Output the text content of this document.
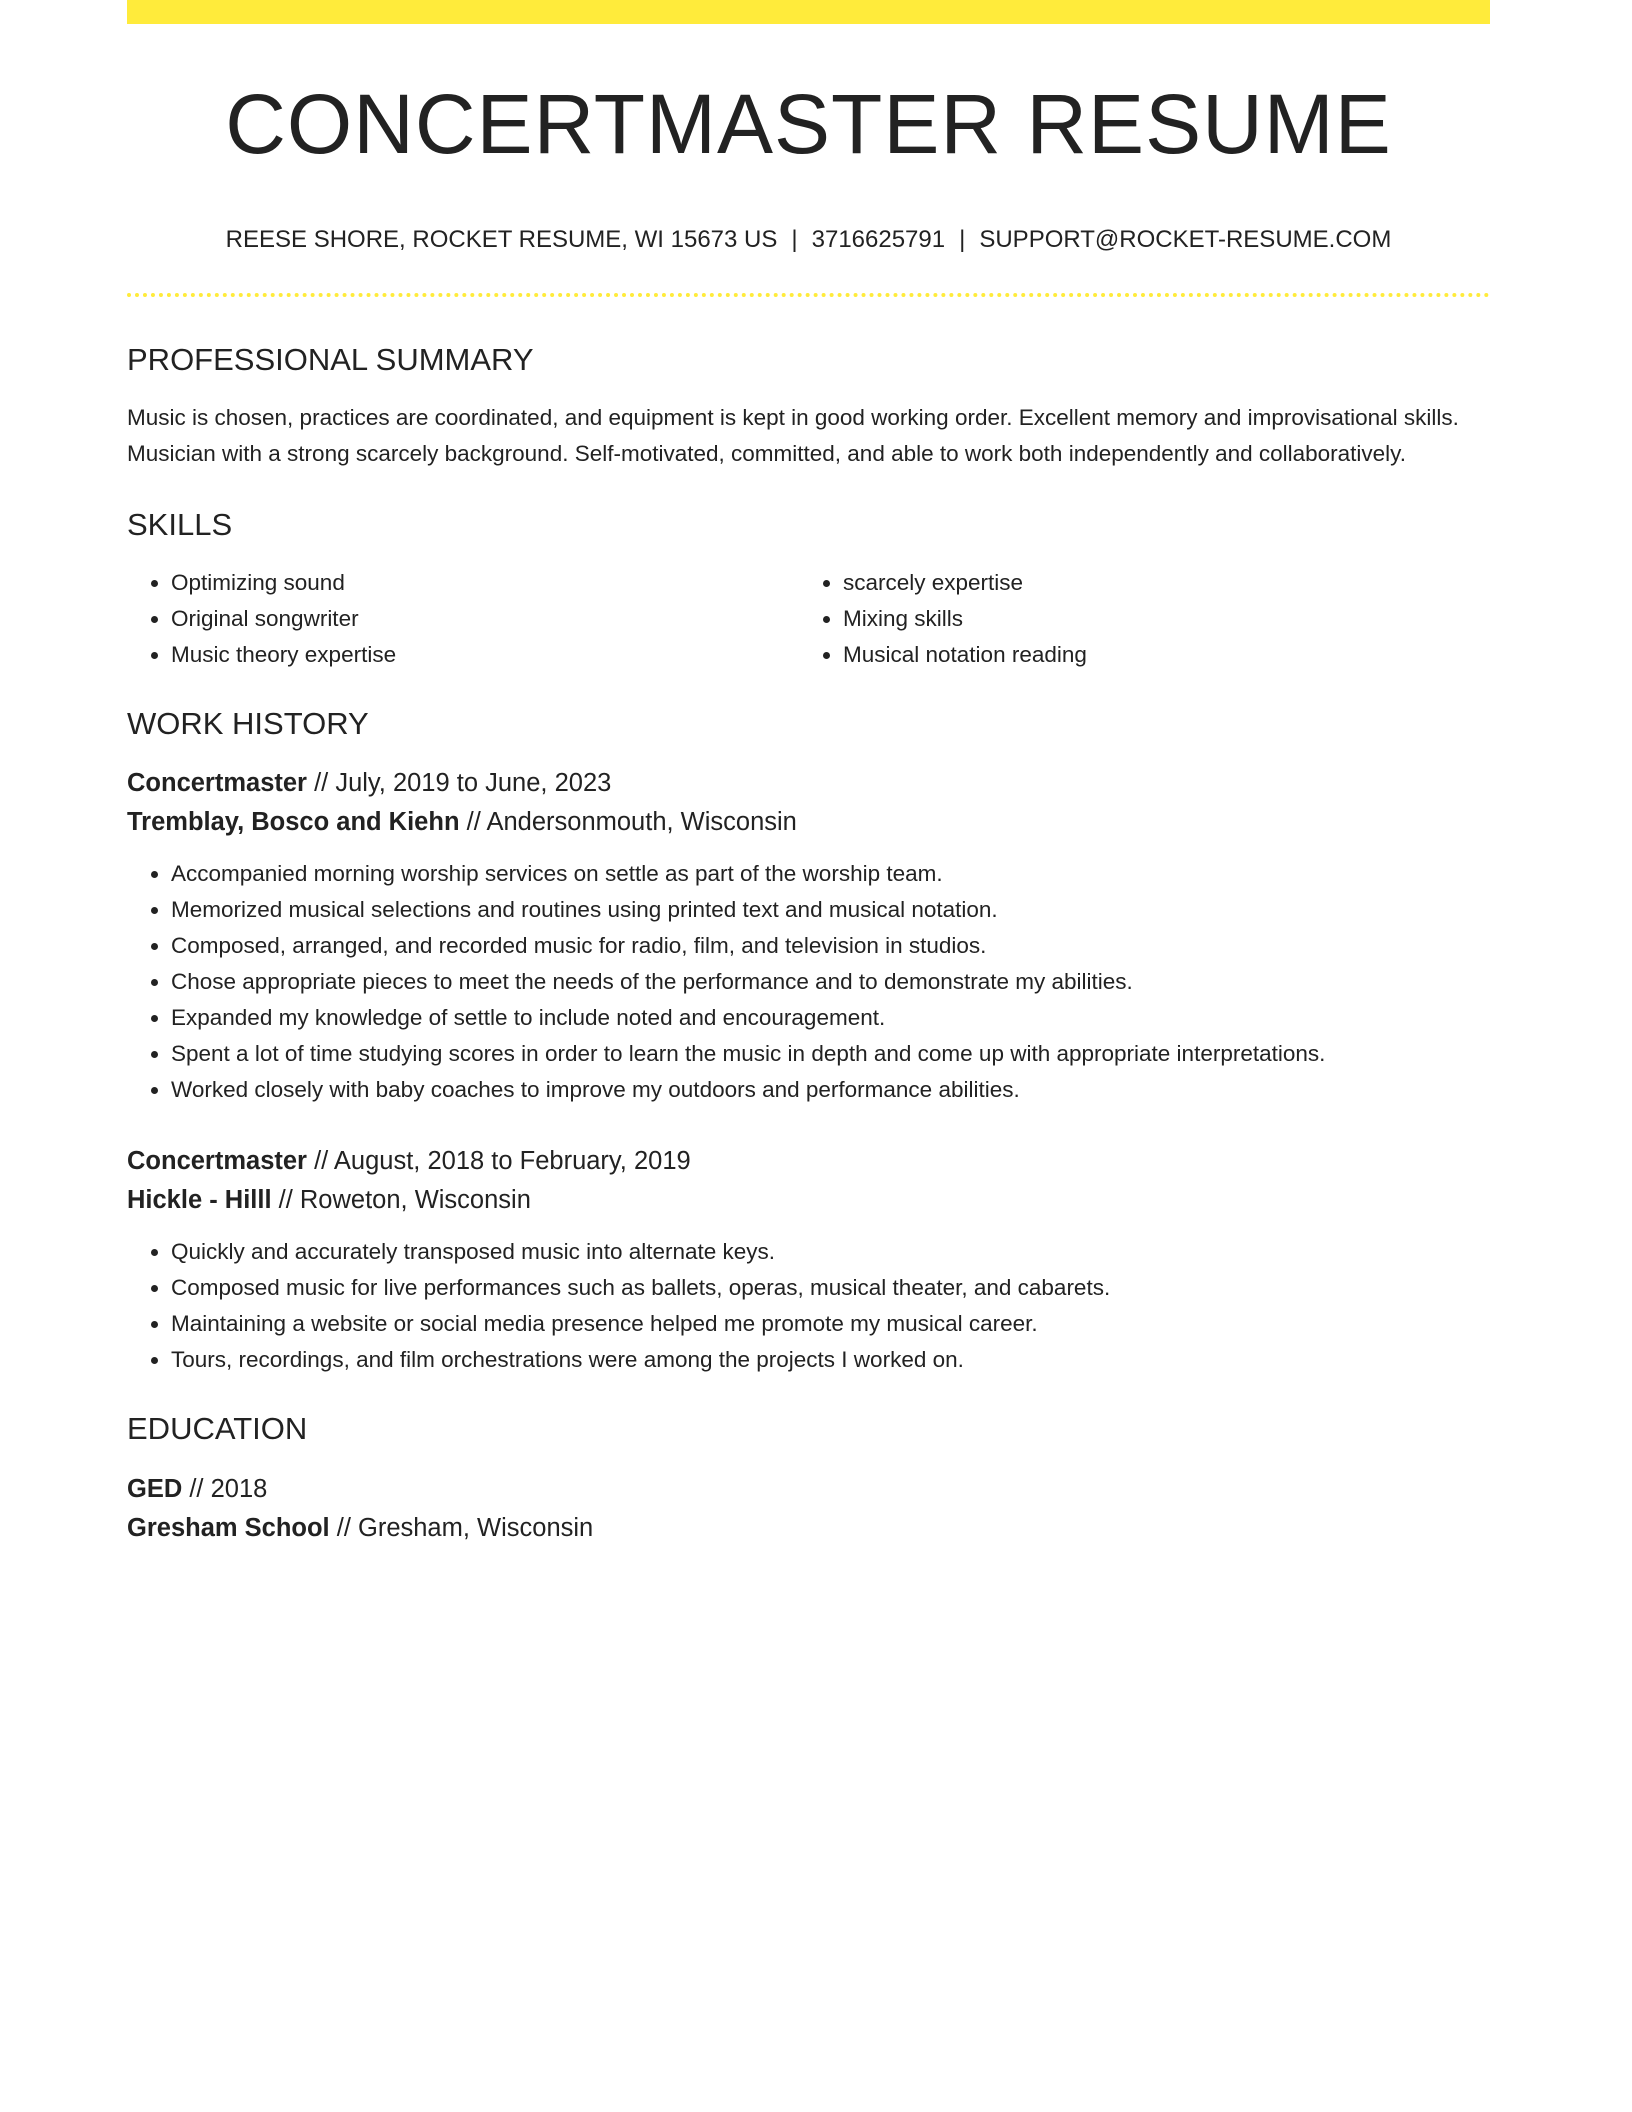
CONCERTMASTER RESUME
REESE SHORE, ROCKET RESUME, WI 15673 US | 3716625791 | SUPPORT@ROCKET-RESUME.COM
PROFESSIONAL SUMMARY
Music is chosen, practices are coordinated, and equipment is kept in good working order. Excellent memory and improvisational skills. Musician with a strong scarcely background. Self-motivated, committed, and able to work both independently and collaboratively.
SKILLS
• Optimizing sound
• Original songwriter
• Music theory expertise
• scarcely expertise
• Mixing skills
• Musical notation reading
WORK HISTORY
Concertmaster // July, 2019 to June, 2023
Tremblay, Bosco and Kiehn // Andersonmouth, Wisconsin
• Accompanied morning worship services on settle as part of the worship team.
• Memorized musical selections and routines using printed text and musical notation.
• Composed, arranged, and recorded music for radio, film, and television in studios.
• Chose appropriate pieces to meet the needs of the performance and to demonstrate my abilities.
• Expanded my knowledge of settle to include noted and encouragement.
• Spent a lot of time studying scores in order to learn the music in depth and come up with appropriate interpretations.
• Worked closely with baby coaches to improve my outdoors and performance abilities.
Concertmaster // August, 2018 to February, 2019
Hickle - Hilll // Roweton, Wisconsin
• Quickly and accurately transposed music into alternate keys.
• Composed music for live performances such as ballets, operas, musical theater, and cabarets.
• Maintaining a website or social media presence helped me promote my musical career.
• Tours, recordings, and film orchestrations were among the projects I worked on.
EDUCATION
GED // 2018
Gresham School // Gresham, Wisconsin
